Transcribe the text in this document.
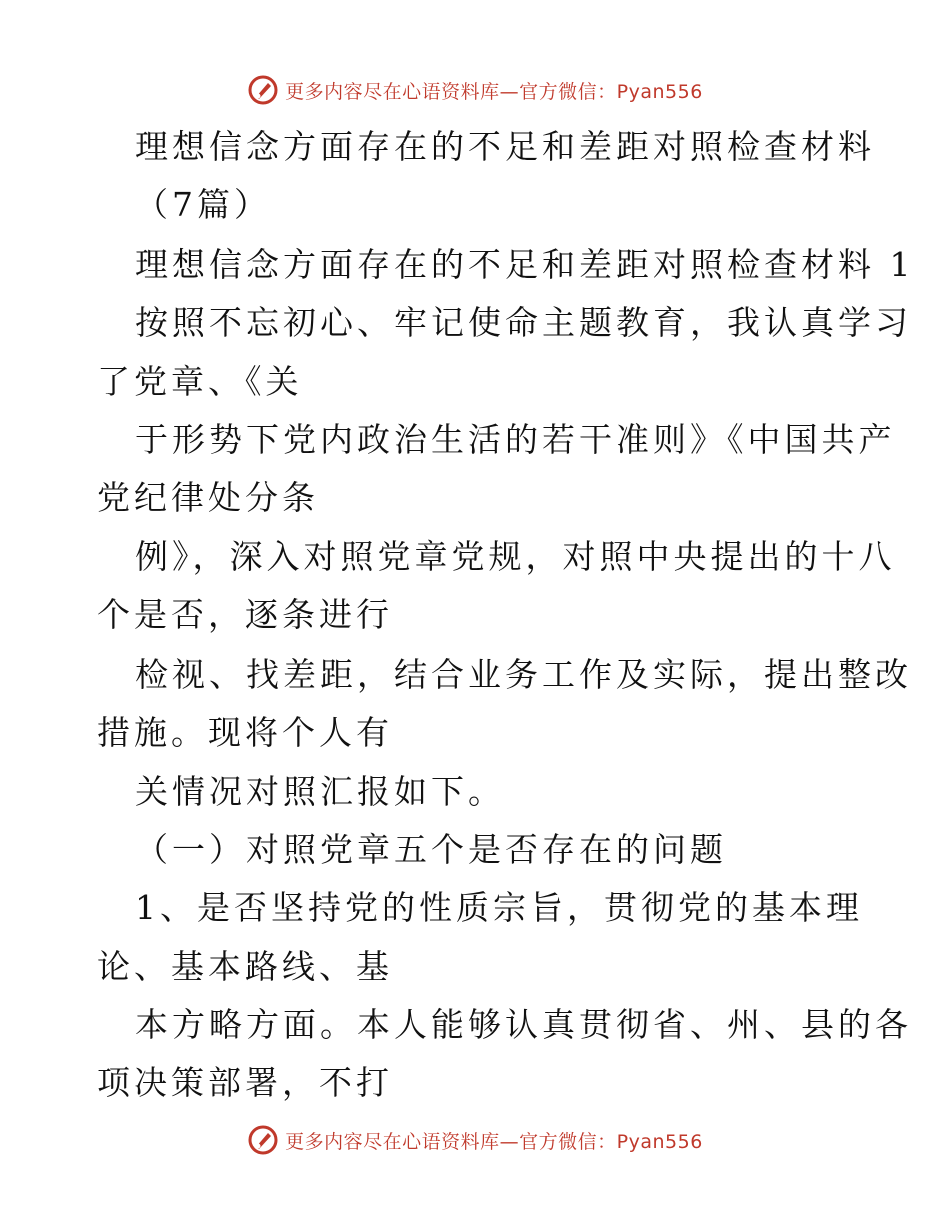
更多内容尽在心语资料库—官方微信：Pyan556
理想信念方面存在的不足和差距对照检查材料
（7篇）
理想信念方面存在的不足和差距对照检查材料 1
按照不忘初心、牢记使命主题教育，我认真学习
了党章、《关
于形势下党内政治生活的若干准则》《中国共产
党纪律处分条
例》，深入对照党章党规，对照中央提出的十八
个是否，逐条进行
检视、找差距，结合业务工作及实际，提出整改
措施。现将个人有
关情况对照汇报如下。
（一）对照党章五个是否存在的问题
1、是否坚持党的性质宗旨，贯彻党的基本理
论、基本路线、基
本方略方面。本人能够认真贯彻省、州、县的各
项决策部署，不打
更多内容尽在心语资料库—官方微信：Pyan556
